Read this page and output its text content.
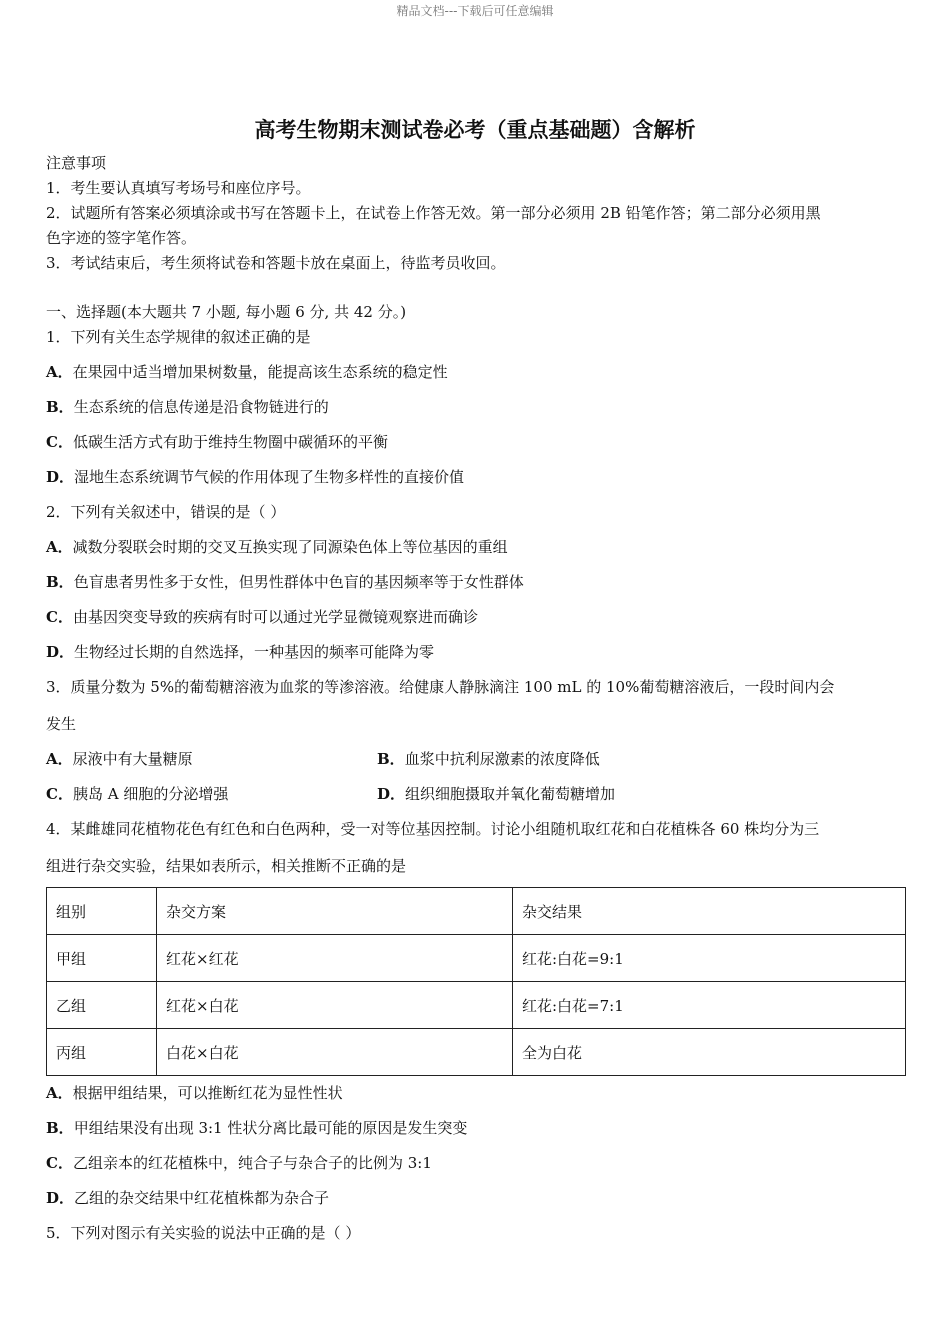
精品文档---下载后可任意编辑
高考生物期末测试卷必考（重点基础题）含解析
注意事项
1．考生要认真填写考场号和座位序号。
2．试题所有答案必须填涂或书写在答题卡上，在试卷上作答无效。第一部分必须用 2B 铅笔作答；第二部分必须用黑
色字迹的签字笔作答。
3．考试结束后，考生须将试卷和答题卡放在桌面上，待监考员收回。
一、选择题(本大题共 7 小题, 每小题 6 分, 共 42 分。)
1．下列有关生态学规律的叙述正确的是
A．在果园中适当增加果树数量，能提高该生态系统的稳定性
B．生态系统的信息传递是沿食物链进行的
C．低碳生活方式有助于维持生物圈中碳循环的平衡
D．湿地生态系统调节气候的作用体现了生物多样性的直接价值
2．下列有关叙述中，错误的是（ ）
A．减数分裂联会时期的交叉互换实现了同源染色体上等位基因的重组
B．色盲患者男性多于女性，但男性群体中色盲的基因频率等于女性群体
C．由基因突变导致的疾病有时可以通过光学显微镜观察进而确诊
D．生物经过长期的自然选择，一种基因的频率可能降为零
3．质量分数为 5%的葡萄糖溶液为血浆的等渗溶液。给健康人静脉滴注 100 mL 的 10%葡萄糖溶液后，一段时间内会
发生
A．尿液中有大量糖原	B．血浆中抗利尿激素的浓度降低
C．胰岛 A 细胞的分泌增强	D．组织细胞摄取并氧化葡萄糖增加
4．某雌雄同花植物花色有红色和白色两种，受一对等位基因控制。讨论小组随机取红花和白花植株各 60 株均分为三
组进行杂交实验，结果如表所示，相关推断不正确的是
组别	杂交方案	杂交结果
甲组	红花×红花	红花:白花=9:1
乙组	红花×白花	红花:白花=7:1
丙组	白花×白花	全为白花
A．根据甲组结果，可以推断红花为显性性状
B．甲组结果没有出现 3:1 性状分离比最可能的原因是发生突变
C．乙组亲本的红花植株中，纯合子与杂合子的比例为 3:1
D．乙组的杂交结果中红花植株都为杂合子
5．下列对图示有关实验的说法中正确的是（ ）
